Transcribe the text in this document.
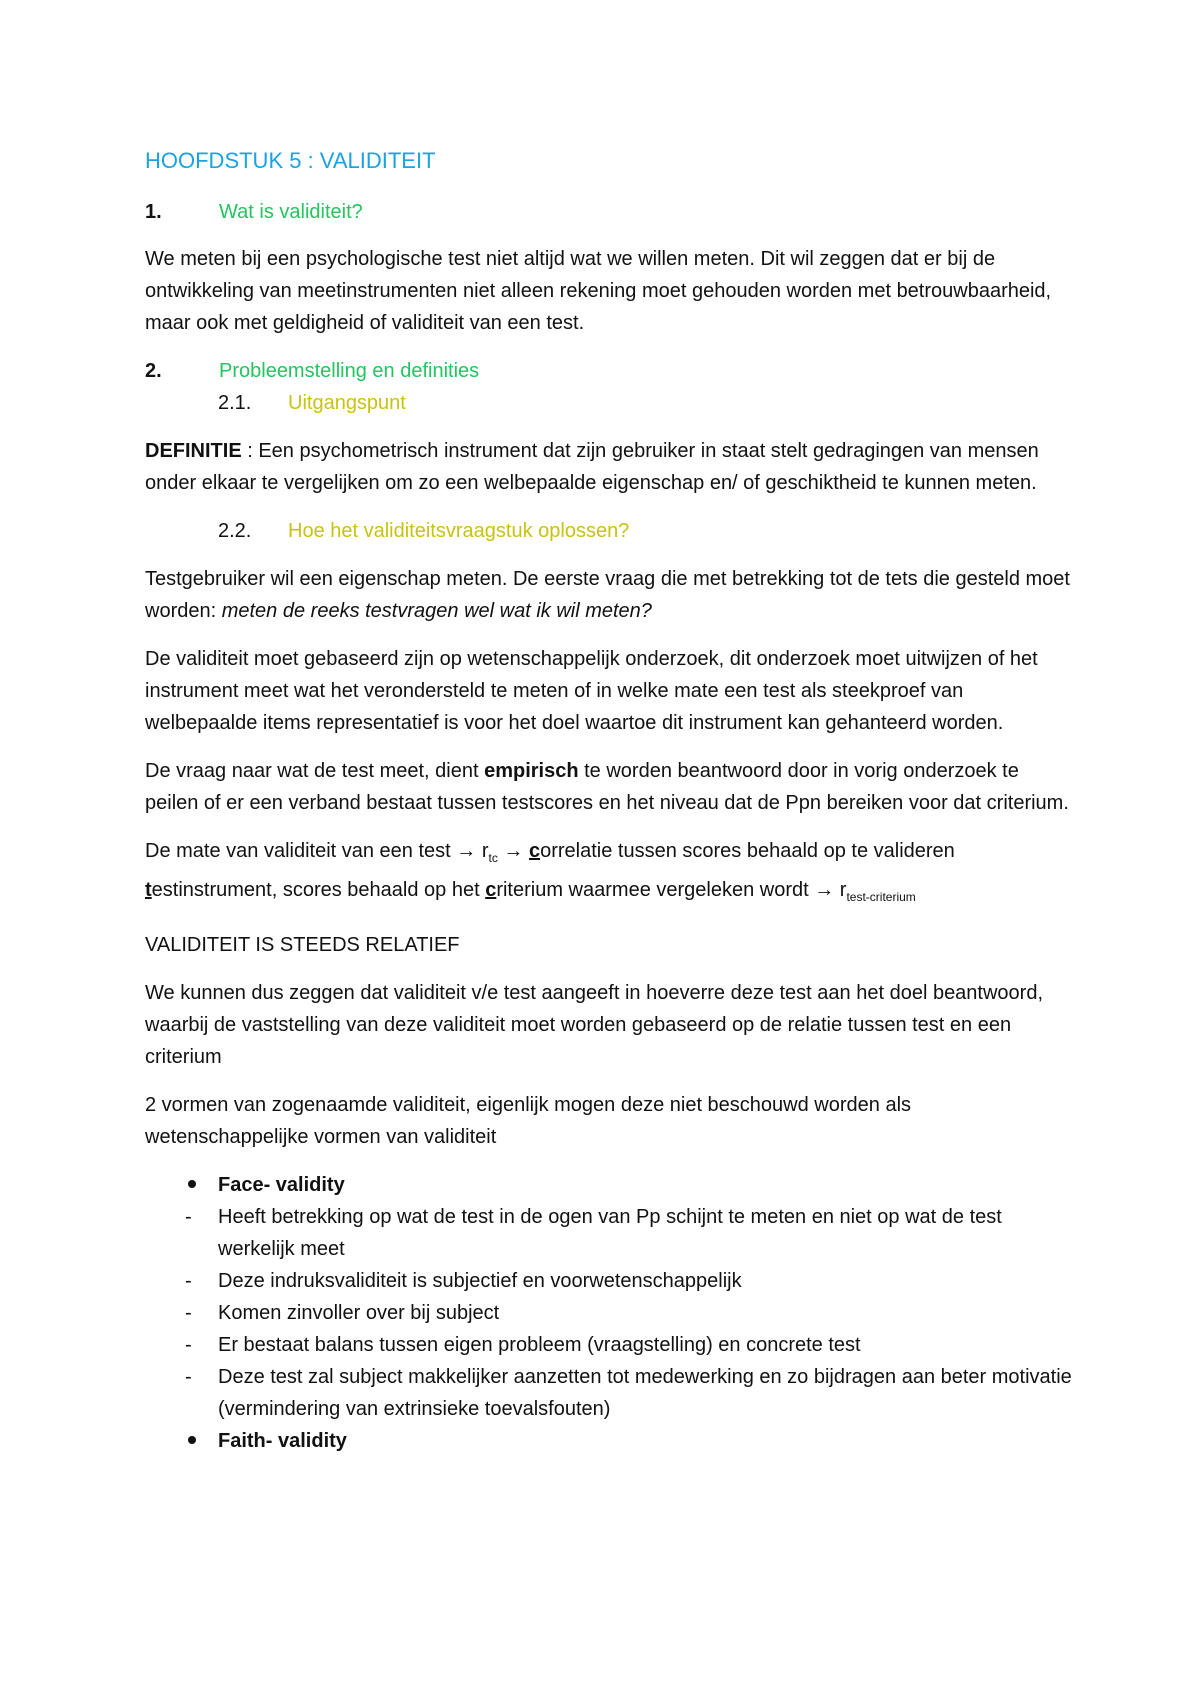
HOOFDSTUK 5 : VALIDITEIT
1.	Wat is validiteit?
We meten bij een psychologische test niet altijd wat we willen meten. Dit wil zeggen dat er bij de ontwikkeling van meetinstrumenten niet alleen rekening moet gehouden worden met betrouwbaarheid, maar ook met geldigheid of validiteit van een test.
2.	Probleemstelling en definities
2.1.	Uitgangspunt
DEFINITIE : Een psychometrisch instrument dat zijn gebruiker in staat stelt gedragingen van mensen onder elkaar te vergelijken om zo een welbepaalde eigenschap en/ of geschiktheid te kunnen meten.
2.2.	Hoe het validiteitsvraagstuk oplossen?
Testgebruiker wil een eigenschap meten. De eerste vraag die met betrekking tot de tets die gesteld moet worden: meten de reeks testvragen wel wat ik wil meten?
De validiteit moet gebaseerd zijn op wetenschappelijk onderzoek, dit onderzoek moet uitwijzen of het instrument meet wat het verondersteld te meten of in welke mate een test als steekproef van welbepaalde items representatief is voor het doel waartoe dit instrument kan gehanteerd worden.
De vraag naar wat de test meet, dient empirisch te worden beantwoord door in vorig onderzoek te peilen of er een verband bestaat tussen testscores en het niveau dat de Ppn bereiken voor dat criterium.
De mate van validiteit van een test → $r_{tc}$ → correlatie tussen scores behaald op te valideren testinstrument, scores behaald op het criterium waarmee vergeleken wordt → $r_{test-criterium}$
VALIDITEIT IS STEEDS RELATIEF
We kunnen dus zeggen dat validiteit v/e test aangeeft in hoeverre deze test aan het doel beantwoord, waarbij de vaststelling van deze validiteit moet worden gebaseerd op de relatie tussen test en een criterium
2 vormen van zogenaamde validiteit, eigenlijk mogen deze niet beschouwd worden als wetenschappelijke vormen van validiteit
Face- validity
-	Heeft betrekking op wat de test in de ogen van Pp schijnt te meten en niet op wat de test werkelijk meet
-	Deze indruksvaliditeit is subjectief en voorwetenschappelijk
-	Komen zinvoller over bij subject
-	Er bestaat balans tussen eigen probleem (vraagstelling) en concrete test
-	Deze test zal subject makkelijker aanzetten tot medewerking en zo bijdragen aan beter motivatie (vermindering van extrinsieke toevalsfouten)
Faith- validity
